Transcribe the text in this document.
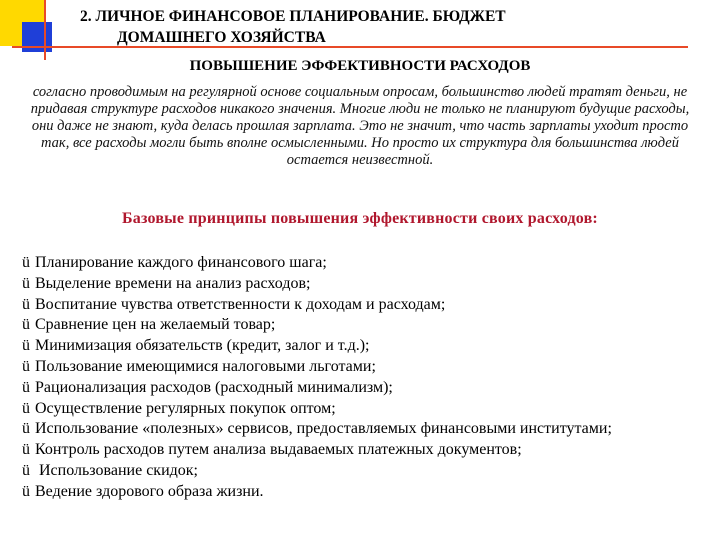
2. ЛИЧНОЕ ФИНАНСОВОЕ ПЛАНИРОВАНИЕ. БЮДЖЕТ
ДОМАШНЕГО ХОЗЯЙСТВА
ПОВЫШЕНИЕ ЭФФЕКТИВНОСТИ РАСХОДОВ
согласно проводимым на регулярной основе социальным опросам, большинство людей тратят деньги, не придавая структуре расходов никакого значения. Многие люди не только не планируют будущие расходы, они даже не знают, куда делась прошлая зарплата. Это не значит, что часть зарплаты уходит просто так, все расходы могли быть вполне осмысленными. Но просто их структура для большинства людей остается неизвестной.
Базовые принципы повышения эффективности своих расходов:
ü Планирование каждого финансового шага;
ü Выделение времени на анализ расходов;
ü Воспитание чувства ответственности к доходам и расходам;
ü Сравнение цен на желаемый товар;
ü Минимизация обязательств (кредит, залог и т.д.);
ü Пользование имеющимися налоговыми льготами;
ü Рационализация расходов (расходный минимализм);
ü Осуществление регулярных покупок оптом;
ü Использование «полезных» сервисов, предоставляемых финансовыми институтами;
ü Контроль расходов путем анализа выдаваемых платежных документов;
ü Использование скидок;
ü Ведение здорового образа жизни.
